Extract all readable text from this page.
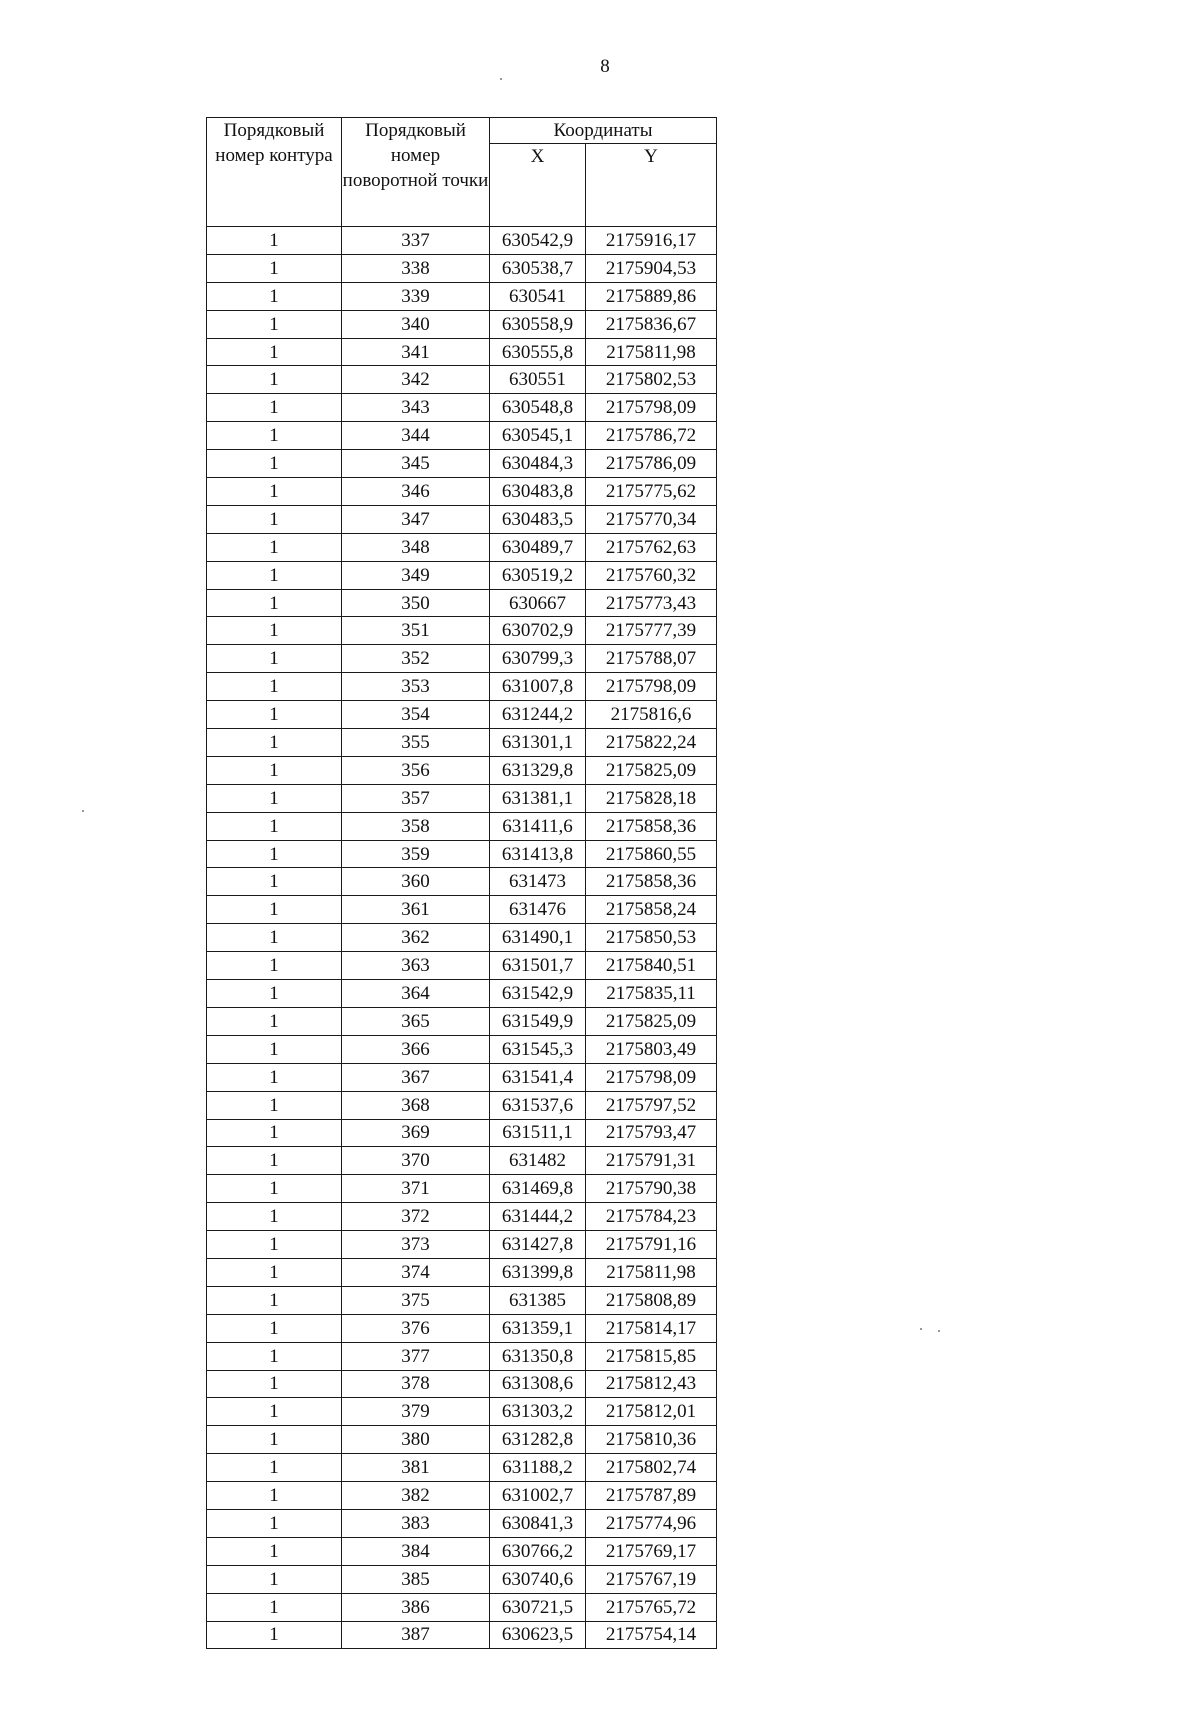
8
Порядковый номер контура	Порядковый номер поворотной точки	Координаты	
		X	Y
1	337	630542,9	2175916,17
1	338	630538,7	2175904,53
1	339	630541	2175889,86
1	340	630558,9	2175836,67
1	341	630555,8	2175811,98
1	342	630551	2175802,53
1	343	630548,8	2175798,09
1	344	630545,1	2175786,72
1	345	630484,3	2175786,09
1	346	630483,8	2175775,62
1	347	630483,5	2175770,34
1	348	630489,7	2175762,63
1	349	630519,2	2175760,32
1	350	630667	2175773,43
1	351	630702,9	2175777,39
1	352	630799,3	2175788,07
1	353	631007,8	2175798,09
1	354	631244,2	2175816,6
1	355	631301,1	2175822,24
1	356	631329,8	2175825,09
1	357	631381,1	2175828,18
1	358	631411,6	2175858,36
1	359	631413,8	2175860,55
1	360	631473	2175858,36
1	361	631476	2175858,24
1	362	631490,1	2175850,53
1	363	631501,7	2175840,51
1	364	631542,9	2175835,11
1	365	631549,9	2175825,09
1	366	631545,3	2175803,49
1	367	631541,4	2175798,09
1	368	631537,6	2175797,52
1	369	631511,1	2175793,47
1	370	631482	2175791,31
1	371	631469,8	2175790,38
1	372	631444,2	2175784,23
1	373	631427,8	2175791,16
1	374	631399,8	2175811,98
1	375	631385	2175808,89
1	376	631359,1	2175814,17
1	377	631350,8	2175815,85
1	378	631308,6	2175812,43
1	379	631303,2	2175812,01
1	380	631282,8	2175810,36
1	381	631188,2	2175802,74
1	382	631002,7	2175787,89
1	383	630841,3	2175774,96
1	384	630766,2	2175769,17
1	385	630740,6	2175767,19
1	386	630721,5	2175765,72
1	387	630623,5	2175754,14
